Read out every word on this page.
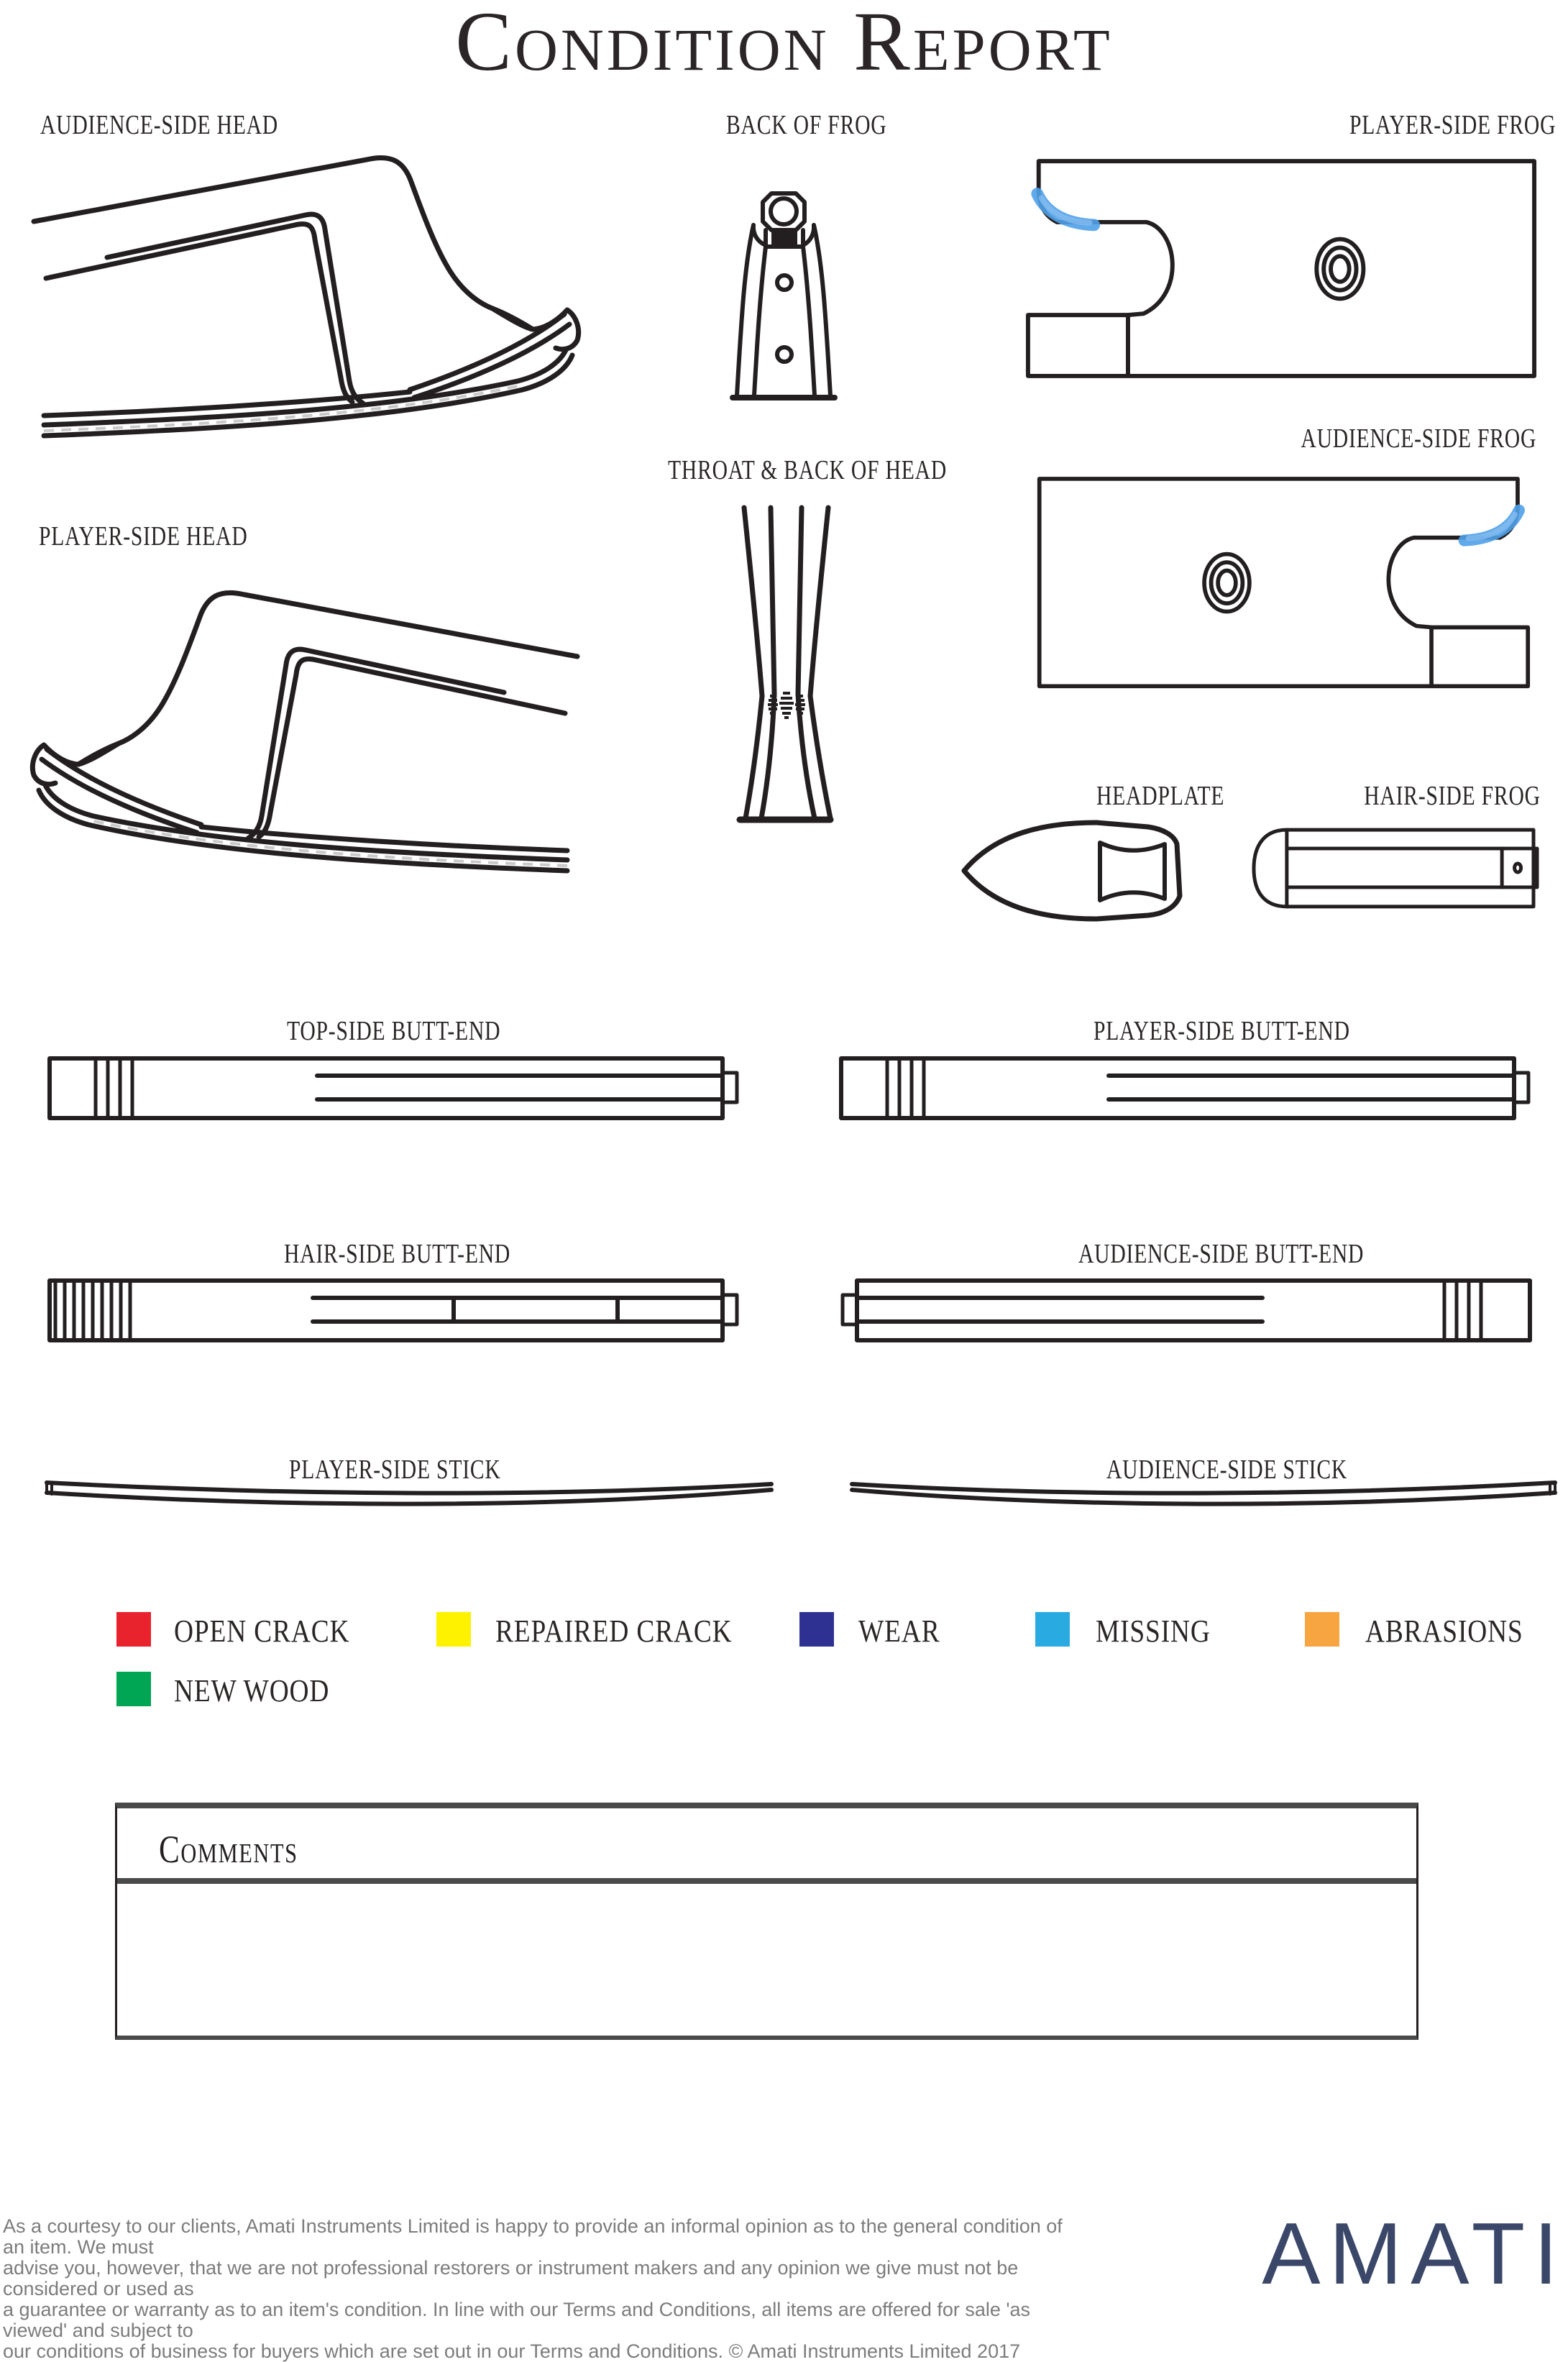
Condition Report
AUDIENCE-SIDE HEAD	BACK OF FROG	PLAYER-SIDE FROG
AUDIENCE-SIDE FROG
THROAT & BACK OF HEAD
PLAYER-SIDE HEAD
HEADPLATE	HAIR-SIDE FROG
TOP-SIDE BUTT-END	PLAYER-SIDE BUTT-END
HAIR-SIDE BUTT-END	AUDIENCE-SIDE BUTT-END
PLAYER-SIDE STICK	AUDIENCE-SIDE STICK
OPEN CRACK	REPAIRED CRACK	WEAR	MISSING	ABRASIONS
NEW WOOD
Comments
As a courtesy to our clients, Amati Instruments Limited is happy to provide an informal opinion as to the general condition of an item. We must
advise you, however, that we are not professional restorers or instrument makers and any opinion we give must not be considered or used as
a guarantee or warranty as to an item's condition. In line with our Terms and Conditions, all items are offered for sale 'as viewed' and subject to
our conditions of business for buyers which are set out in our Terms and Conditions. © Amati Instruments Limited 2017
AMATI
